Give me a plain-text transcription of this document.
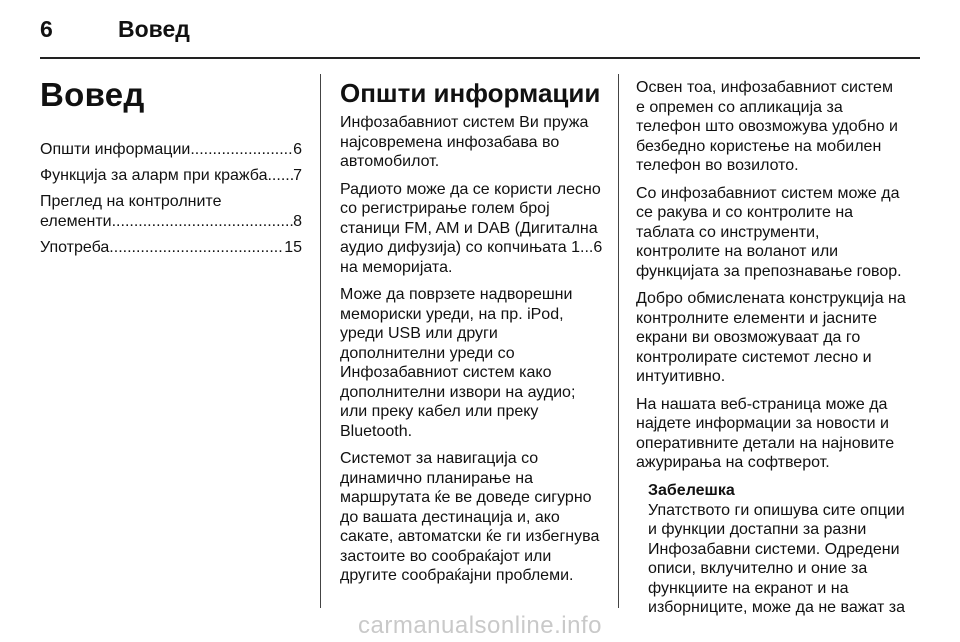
6	Вовед
Вовед
Општи информации .....	6
Функција за аларм при кражба ..... 7
Преглед на контролните
елементи .....	8
Употреба .....	15
Општи информации

Инфозабавниот систем Ви пружа најсовремена инфозабава во автомобилот.

Радиото може да се користи лесно со регистрирање голем број станици FM, AM и DAB (Дигитална аудио дифузија) со копчињата 1...6 на меморијата.

Може да поврзете надворешни мемориски уреди, на пр. iPod, уреди USB или други дополнителни уреди со Инфозабавниот систем како дополнителни извори на аудио; или преку кабел или преку Bluetooth.

Системот за навигација со динамично планирање на маршрутата ќе ве доведе сигурно до вашата дестинација и, ако сакате, автоматски ќе ги избегнува застоите во сообраќајот или другите сообраќајни проблеми.

Освен тоа, инфозабавниот систем е опремен со апликација за телефон што овозможува удобно и безбедно користење на мобилен телефон во возилото.

Со инфозабавниот систем може да се ракува и со контролите на таблата со инструменти, контролите на воланот или функцијата за препознавање говор.

Добро обмислената конструкција на контролните елементи и јасните екрани ви овозможуваат да го контролирате системот лесно и интуитивно.

На нашата веб-страница може да најдете информации за новости и оперативните детали на најновите ажурирања на софтверот.

Забелешка

Упатството ги опишува сите опции и функции достапни за разни Инфозабавни системи. Одредени описи, вклучително и оние за функциите на екранот и на изборниците, може да не важат за

carmanualsonline.info
